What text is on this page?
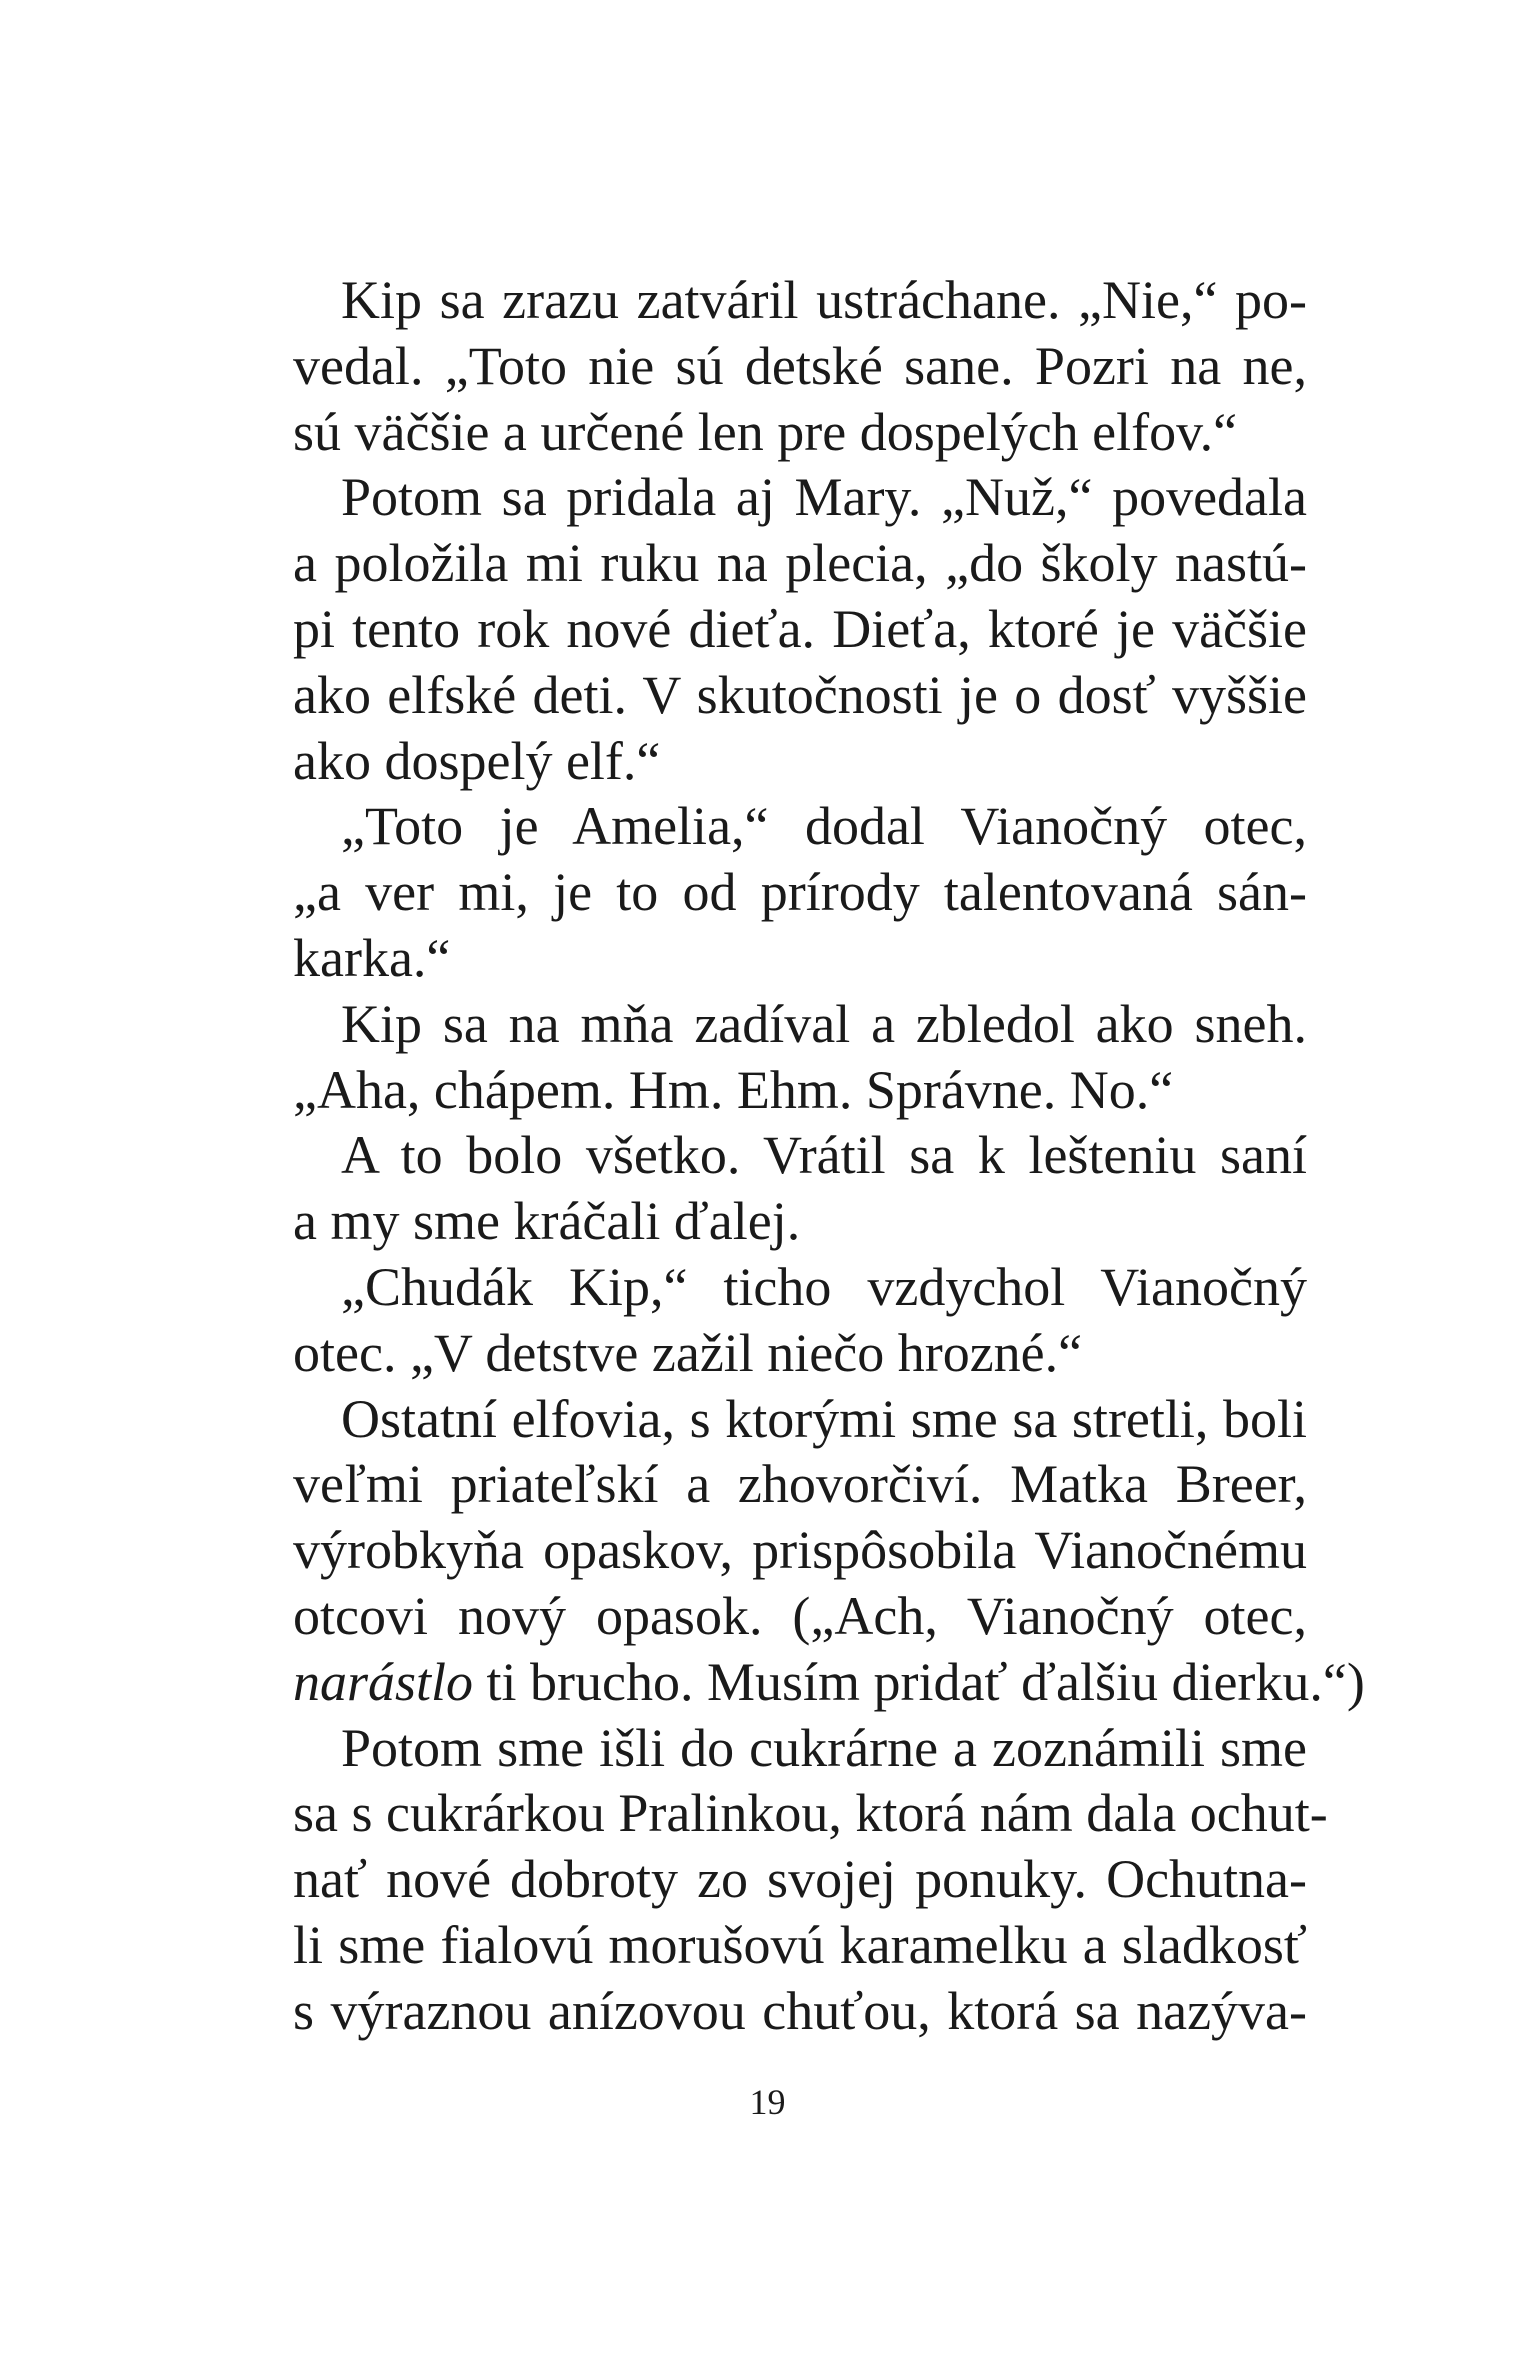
Kip sa zrazu zatváril ustráchane. „Nie,“ po-
vedal. „Toto nie sú detské sane. Pozri na ne,
sú väčšie a určené len pre dospelých elfov.“
Potom sa pridala aj Mary. „Nuž,“ povedala
a položila mi ruku na plecia, „do školy nastú-
pi tento rok nové dieťa. Dieťa, ktoré je väčšie
ako elfské deti. V skutočnosti je o dosť vyššie
ako dospelý elf.“
„Toto je Amelia,“ dodal Vianočný otec,
„a ver mi, je to od prírody talentovaná sán-
karka.“
Kip sa na mňa zadíval a zbledol ako sneh.
„Aha, chápem. Hm. Ehm. Správne. No.“
A to bolo všetko. Vrátil sa k lešteniu saní
a my sme kráčali ďalej.
„Chudák Kip,“ ticho vzdychol Vianočný
otec. „V detstve zažil niečo hrozné.“
Ostatní elfovia, s ktorými sme sa stretli, boli
veľmi priateľskí a zhovorčiví. Matka Breer,
výrobkyňa opaskov, prispôsobila Vianočnému
otcovi nový opasok. („Ach, Vianočný otec,
narástlo ti brucho. Musím pridať ďalšiu dierku.“)
Potom sme išli do cukrárne a zoznámili sme
sa s cukrárkou Pralinkou, ktorá nám dala ochut-
nať nové dobroty zo svojej ponuky. Ochutna-
li sme fialovú morušovú karamelku a sladkosť
s výraznou anízovou chuťou, ktorá sa nazýva-
19
